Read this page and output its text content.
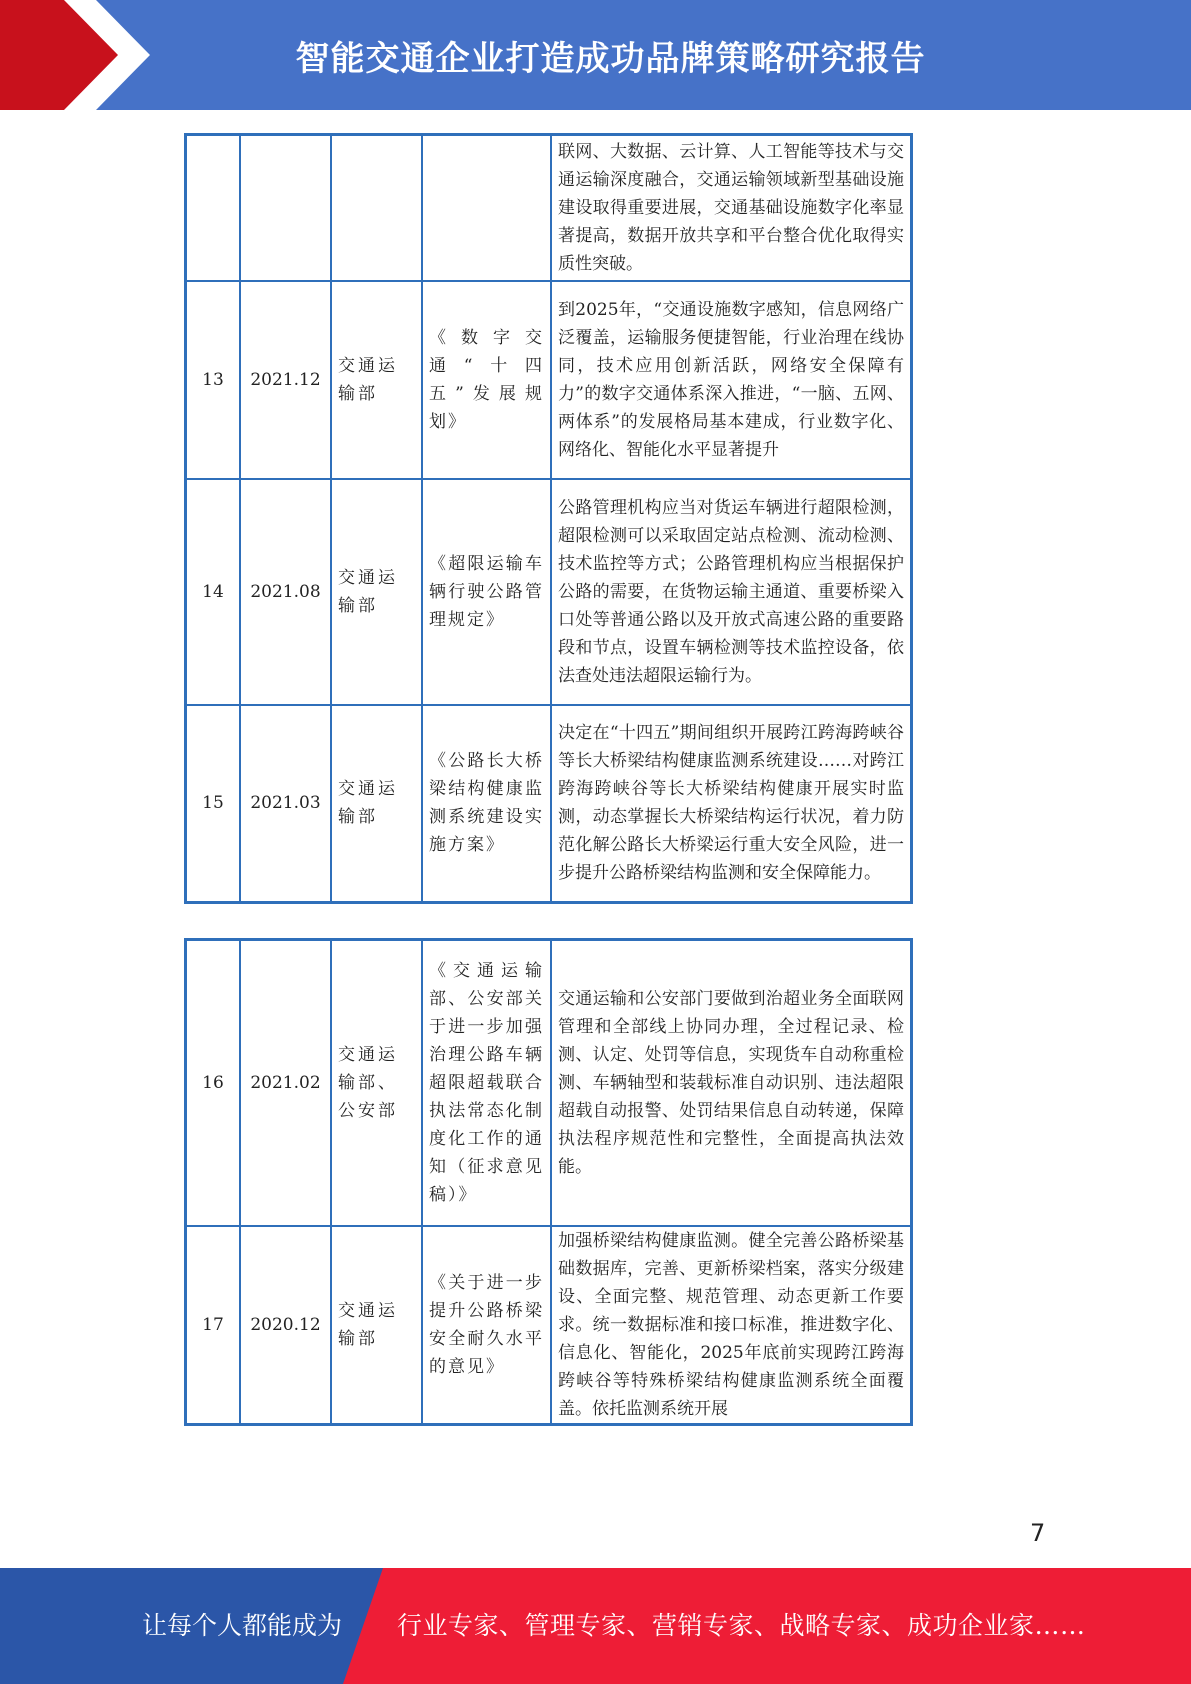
智能交通企业打造成功品牌策略研究报告
				联网、大数据、云计算、人工智能等技术与交通运输深度融合，交通运输领域新型基础设施建设取得重要进展，交通基础设施数字化率显著提高，数据开放共享和平台整合优化取得实质性突破。
13	2021.12	交通运输部	《数字交通“十四五”发展规划》	到2025年，“交通设施数字感知，信息网络广泛覆盖，运输服务便捷智能，行业治理在线协同，技术应用创新活跃，网络安全保障有力”的数字交通体系深入推进，“一脑、五网、两体系”的发展格局基本建成，行业数字化、网络化、智能化水平显著提升
14	2021.08	交通运输部	《超限运输车辆行驶公路管理规定》	公路管理机构应当对货运车辆进行超限检测，超限检测可以采取固定站点检测、流动检测、技术监控等方式；公路管理机构应当根据保护公路的需要，在货物运输主通道、重要桥梁入口处等普通公路以及开放式高速公路的重要路段和节点，设置车辆检测等技术监控设备，依法查处违法超限运输行为。
15	2021.03	交通运输部	《公路长大桥梁结构健康监测系统建设实施方案》	决定在“十四五”期间组织开展跨江跨海跨峡谷等长大桥梁结构健康监测系统建设……对跨江跨海跨峡谷等长大桥梁结构健康开展实时监测，动态掌握长大桥梁结构运行状况，着力防范化解公路长大桥梁运行重大安全风险，进一步提升公路桥梁结构监测和安全保障能力。
16	2021.02	交通运输部、公安部	《交通运输部、公安部关于进一步加强治理公路车辆超限超载联合执法常态化制度化工作的通知（征求意见稿）》	交通运输和公安部门要做到治超业务全面联网管理和全部线上协同办理，全过程记录、检测、认定、处罚等信息，实现货车自动称重检测、车辆轴型和装载标准自动识别、违法超限超载自动报警、处罚结果信息自动转递，保障执法程序规范性和完整性，全面提高执法效能。
17	2020.12	交通运输部	《关于进一步提升公路桥梁安全耐久水平的意见》	加强桥梁结构健康监测。健全完善公路桥梁基础数据库，完善、更新桥梁档案，落实分级建设、全面完整、规范管理、动态更新工作要求。统一数据标准和接口标准，推进数字化、信息化、智能化，2025年底前实现跨江跨海跨峡谷等特殊桥梁结构健康监测系统全面覆盖。依托监测系统开展
7
让每个人都能成为 行业专家、管理专家、营销专家、战略专家、成功企业家……
